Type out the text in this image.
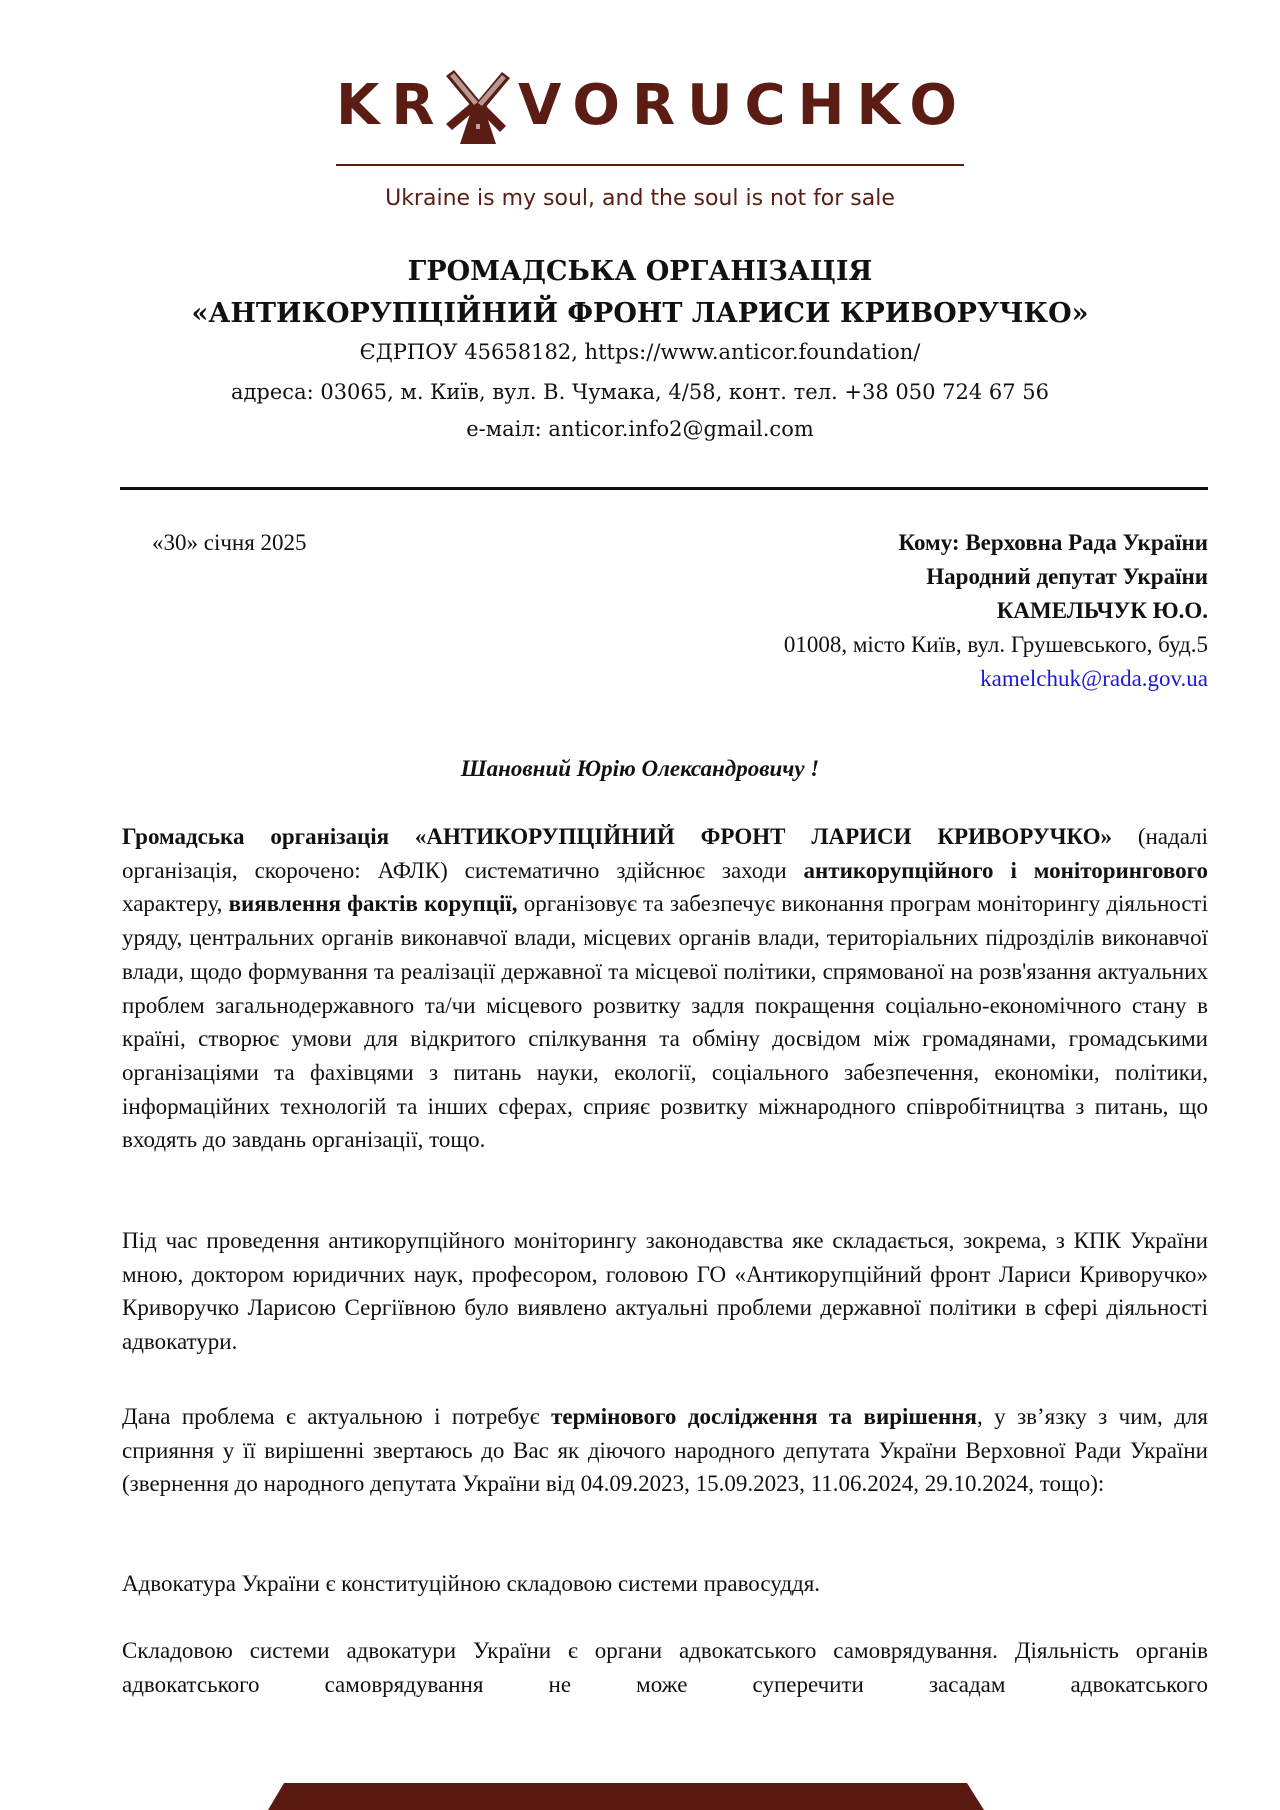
KR VORUCHKO
Ukraine is my soul, and the soul is not for sale
ГРОМАДСЬКА ОРГАНІЗАЦІЯ
«АНТИКОРУПЦІЙНИЙ ФРОНТ ЛАРИСИ КРИВОРУЧКО»
ЄДРПОУ 45658182, https://www.anticor.foundation/
адреса: 03065, м. Київ, вул. В. Чумака, 4/58, конт. тел. +38 050 724 67 56
е-маіл: anticor.info2@gmail.com
«30» січня 2025	Кому: Верховна Рада України
Народний депутат України
КАМЕЛЬЧУК Ю.О.
01008, місто Київ, вул. Грушевського, буд.5
kamelchuk@rada.gov.ua
Шановний Юрію Олександровичу !
Громадська організація «АНТИКОРУПЦІЙНИЙ ФРОНТ ЛАРИСИ КРИВОРУЧКО» (надалі організація, скорочено: АФЛК) систематично здійснює заходи антикорупційного і моніторингового характеру, виявлення фактів корупції, організовує та забезпечує виконання програм моніторингу діяльності уряду, центральних органів виконавчої влади, місцевих органів влади, територіальних підрозділів виконавчої влади, щодо формування та реалізації державної та місцевої політики, спрямованої на розв'язання актуальних проблем загальнодержавного та/чи місцевого розвитку задля покращення соціально-економічного стану в країні, створює умови для відкритого спілкування та обміну досвідом між громадянами, громадськими організаціями та фахівцями з питань науки, екології, соціального забезпечення, економіки, політики, інформаційних технологій та інших сферах, сприяє розвитку міжнародного співробітництва з питань, що входять до завдань організації, тощо.
Під час проведення антикорупційного моніторингу законодавства яке складається, зокрема, з КПК України мною, доктором юридичних наук, професором, головою ГО «Антикорупційний фронт Лариси Криворучко» Криворучко Ларисою Сергіївною було виявлено актуальні проблеми державної політики в сфері діяльності адвокатури.
Дана проблема є актуальною і потребує термінового дослідження та вирішення, у зв’язку з чим, для сприяння у її вирішенні звертаюсь до Вас як діючого народного депутата України Верховної Ради України (звернення до народного депутата України від 04.09.2023, 15.09.2023, 11.06.2024, 29.10.2024, тощо):
Адвокатура України є конституційною складовою системи правосуддя.
Складовою системи адвокатури України є органи адвокатського самоврядування. Діяльність органів адвокатського самоврядування не може суперечити засадам адвокатського
